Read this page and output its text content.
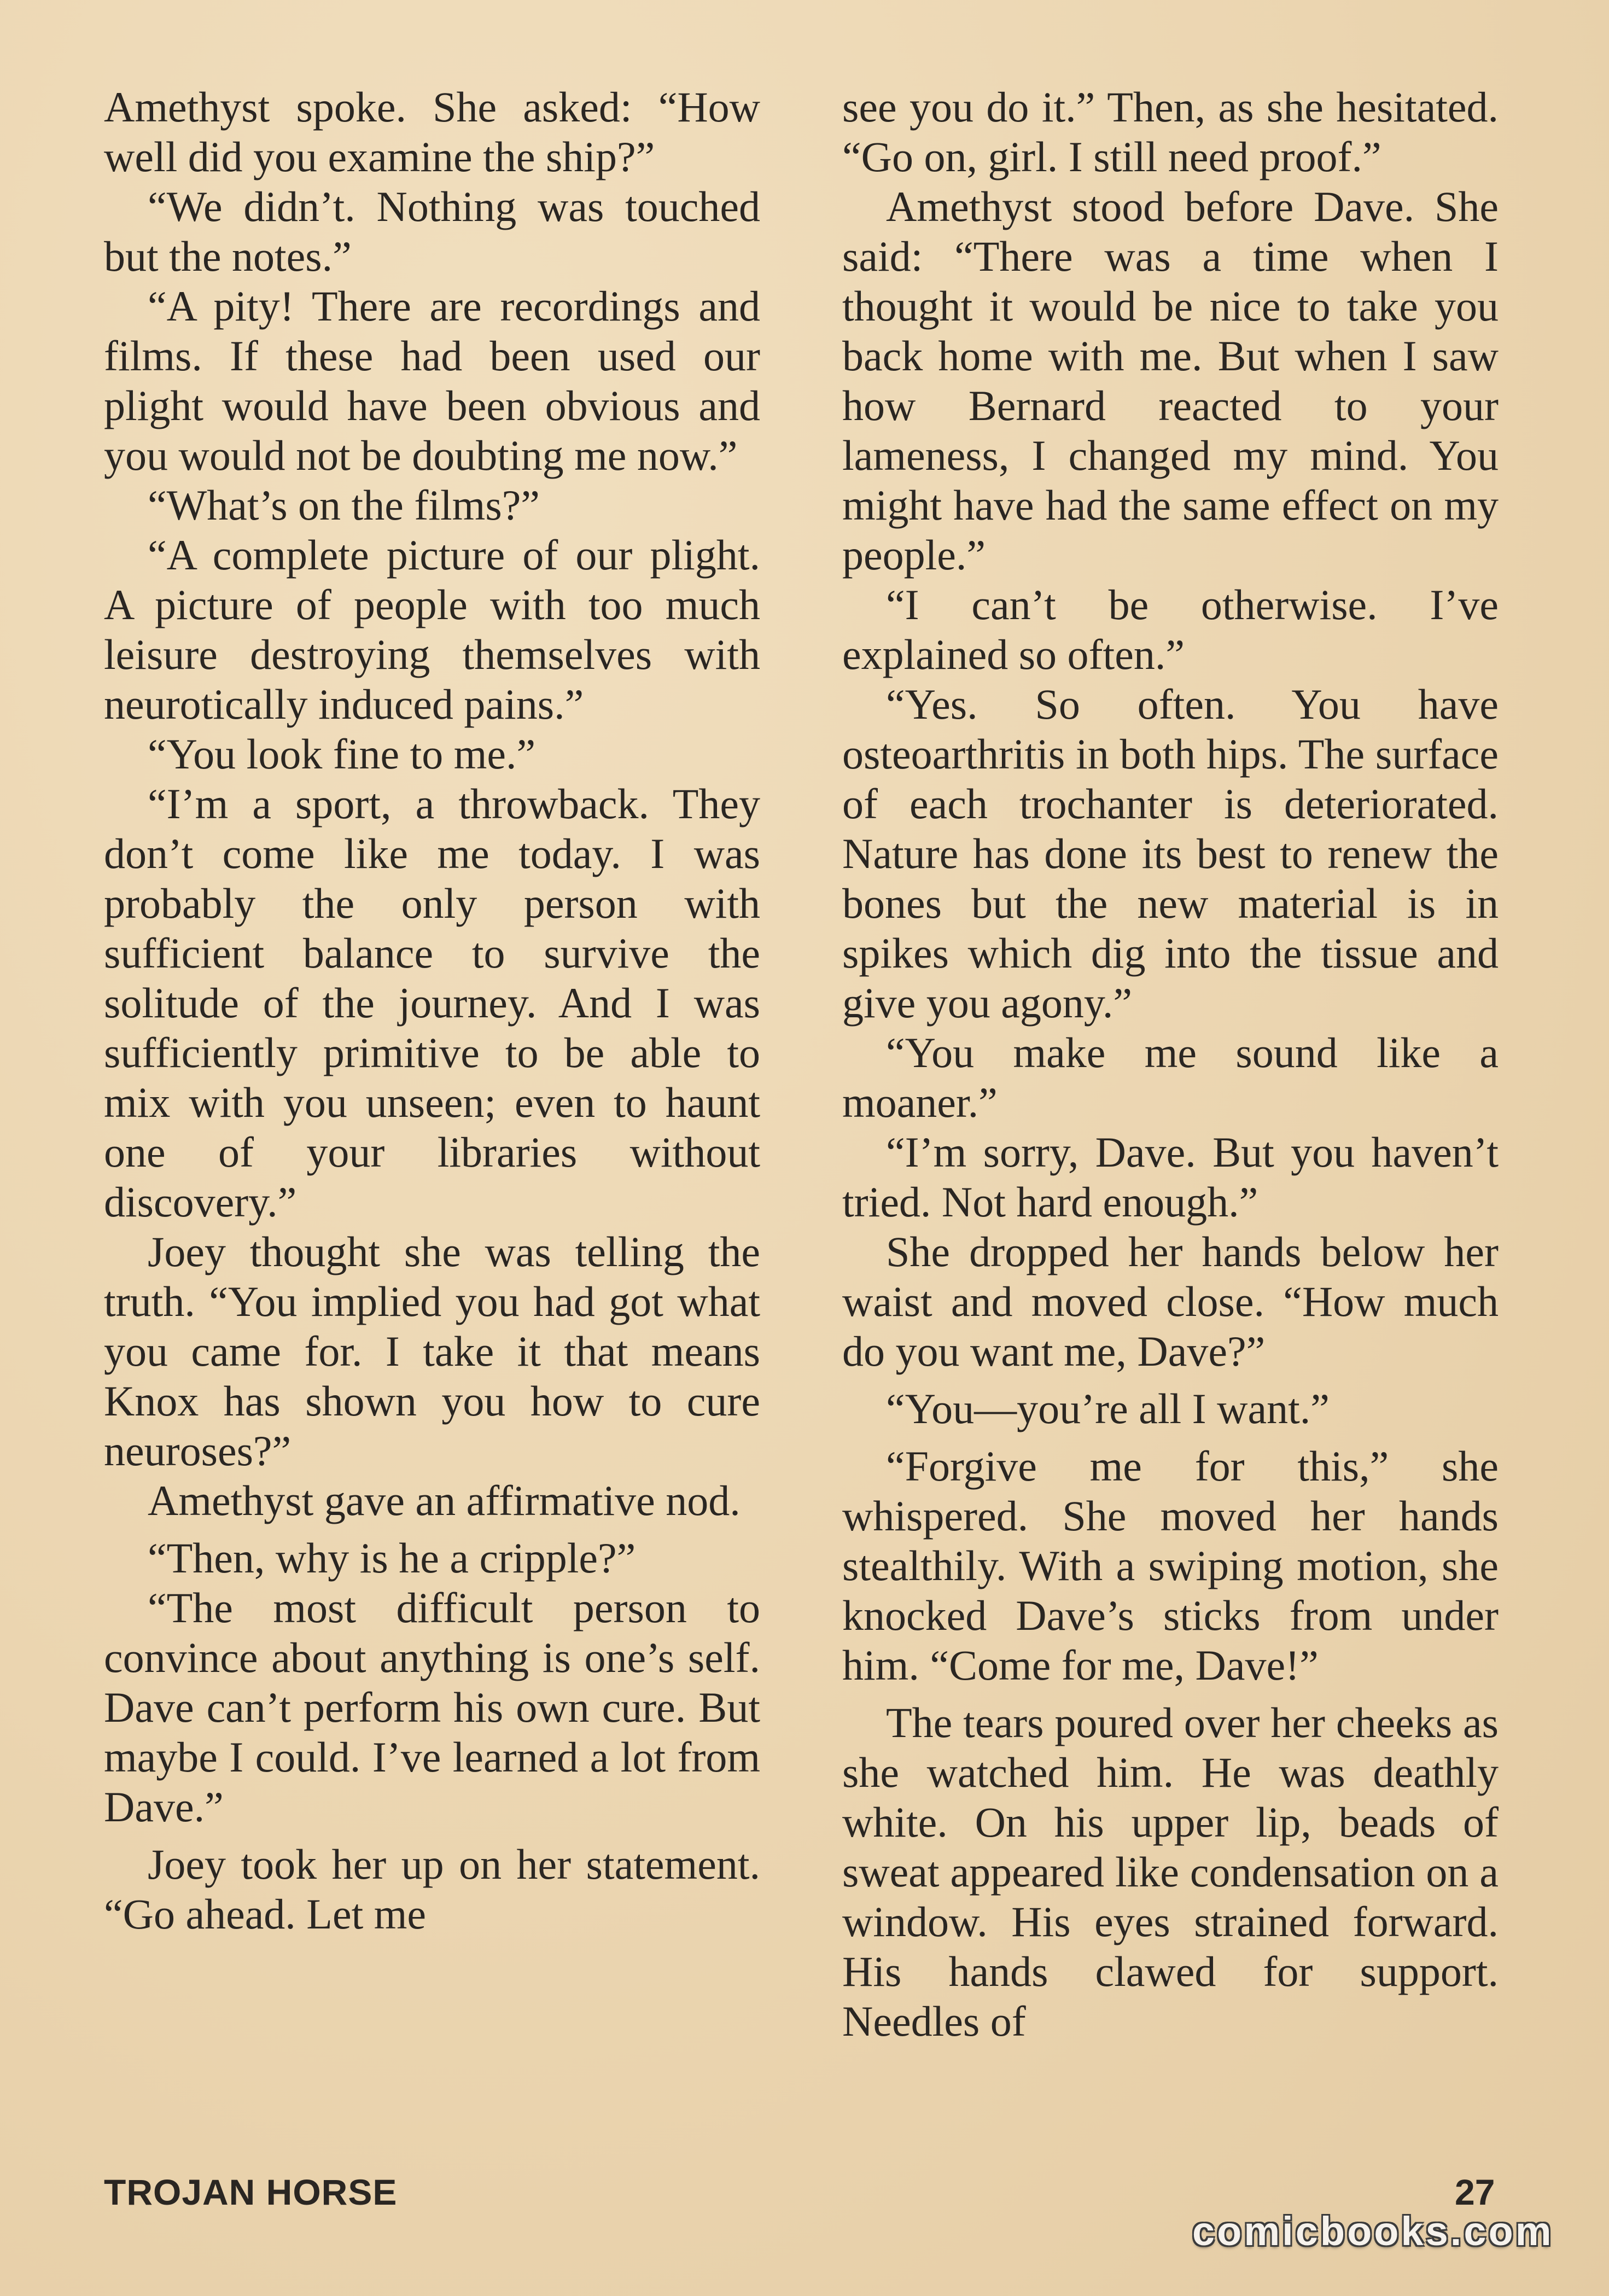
Amethyst spoke. She asked: “How well did you examine the ship?”

“We didn’t. Nothing was touched but the notes.”

“A pity! There are recordings and films. If these had been used our plight would have been obvious and you would not be doubting me now.”

“What’s on the films?”

“A complete picture of our plight. A picture of people with too much leisure destroying themselves with neurotically induced pains.”

“You look fine to me.”

“I’m a sport, a throwback. They don’t come like me today. I was probably the only person with sufficient balance to survive the solitude of the journey. And I was sufficiently primitive to be able to mix with you unseen; even to haunt one of your libraries without discovery.”

Joey thought she was telling the truth. “You implied you had got what you came for. I take it that means Knox has shown you how to cure neuroses?”

Amethyst gave an affirmative nod.

“Then, why is he a cripple?”

“The most difficult person to convince about anything is one’s self. Dave can’t perform his own cure. But maybe I could. I’ve learned a lot from Dave.”

Joey took her up on her statement. “Go ahead. Let me

see you do it.” Then, as she hesitated. “Go on, girl. I still need proof.”

Amethyst stood before Dave. She said: “There was a time when I thought it would be nice to take you back home with me. But when I saw how Bernard reacted to your lameness, I changed my mind. You might have had the same effect on my people.”

“I can’t be otherwise. I’ve explained so often.”

“Yes. So often. You have osteoarthritis in both hips. The surface of each trochanter is deteriorated. Nature has done its best to renew the bones but the new material is in spikes which dig into the tissue and give you agony.”

“You make me sound like a moaner.”

“I’m sorry, Dave. But you haven’t tried. Not hard enough.”

She dropped her hands below her waist and moved close. “How much do you want me, Dave?”

“You—you’re all I want.”

“Forgive me for this,” she whispered. She moved her hands stealthily. With a swiping motion, she knocked Dave’s sticks from under him. “Come for me, Dave!”

The tears poured over her cheeks as she watched him. He was deathly white. On his upper lip, beads of sweat appeared like condensation on a window. His eyes strained forward. His hands clawed for support. Needles of

TROJAN HORSE	27
comicbooks.com
